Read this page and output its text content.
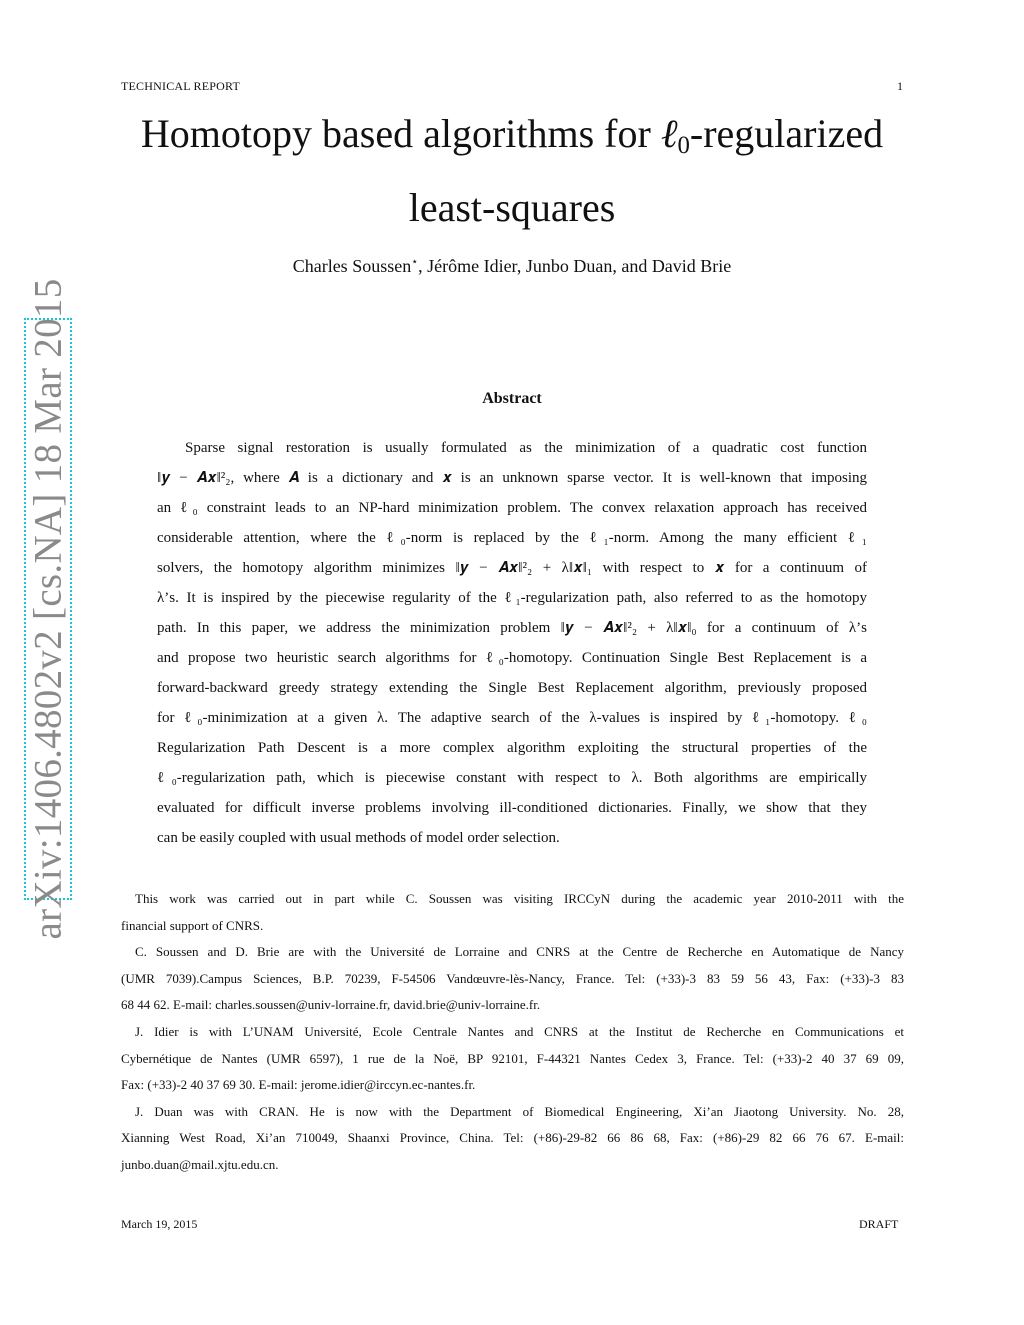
TECHNICAL REPORT	1
Homotopy based algorithms for ℓ$_0$-regularized
least-squares
Charles Soussen⋆, Jérôme Idier, Junbo Duan, and David Brie
arXiv:1406.4802v2 [cs.NA] 18 Mar 2015	Abstract
Sparse signal restoration is usually formulated as the minimization of a quadratic cost function
‖𝒚 − 𝑨𝒙‖²₂, where 𝑨 is a dictionary and 𝒙 is an unknown sparse vector. It is well-known that imposing
an ℓ₀ constraint leads to an NP-hard minimization problem. The convex relaxation approach has received
considerable attention, where the ℓ₀-norm is replaced by the ℓ₁-norm. Among the many efficient ℓ₁
solvers, the homotopy algorithm minimizes ‖𝒚 − 𝑨𝒙‖²₂ + λ‖𝒙‖₁ with respect to 𝒙 for a continuum of
λ’s. It is inspired by the piecewise regularity of the ℓ₁-regularization path, also referred to as the homotopy
path. In this paper, we address the minimization problem ‖𝒚 − 𝑨𝒙‖²₂ + λ‖𝒙‖₀ for a continuum of λ’s
and propose two heuristic search algorithms for ℓ₀-homotopy. Continuation Single Best Replacement is a
forward-backward greedy strategy extending the Single Best Replacement algorithm, previously proposed
for ℓ₀-minimization at a given λ. The adaptive search of the λ-values is inspired by ℓ₁-homotopy. ℓ₀
Regularization Path Descent is a more complex algorithm exploiting the structural properties of the
ℓ₀-regularization path, which is piecewise constant with respect to λ. Both algorithms are empirically
evaluated for difficult inverse problems involving ill-conditioned dictionaries. Finally, we show that they
can be easily coupled with usual methods of model order selection.
This work was carried out in part while C. Soussen was visiting IRCCyN during the academic year 2010-2011 with the
financial support of CNRS.
C. Soussen and D. Brie are with the Université de Lorraine and CNRS at the Centre de Recherche en Automatique de Nancy
(UMR 7039).Campus Sciences, B.P. 70239, F-54506 Vandœuvre-lès-Nancy, France. Tel: (+33)-3 83 59 56 43, Fax: (+33)-3 83
68 44 62. E-mail: charles.soussen@univ-lorraine.fr, david.brie@univ-lorraine.fr.
J. Idier is with L’UNAM Université, Ecole Centrale Nantes and CNRS at the Institut de Recherche en Communications et
Cybernétique de Nantes (UMR 6597), 1 rue de la Noë, BP 92101, F-44321 Nantes Cedex 3, France. Tel: (+33)-2 40 37 69 09,
Fax: (+33)-2 40 37 69 30. E-mail: jerome.idier@irccyn.ec-nantes.fr.
J. Duan was with CRAN. He is now with the Department of Biomedical Engineering, Xi’an Jiaotong University. No. 28,
Xianning West Road, Xi’an 710049, Shaanxi Province, China. Tel: (+86)-29-82 66 86 68, Fax: (+86)-29 82 66 76 67. E-mail:
junbo.duan@mail.xjtu.edu.cn.
March 19, 2015	DRAFT
